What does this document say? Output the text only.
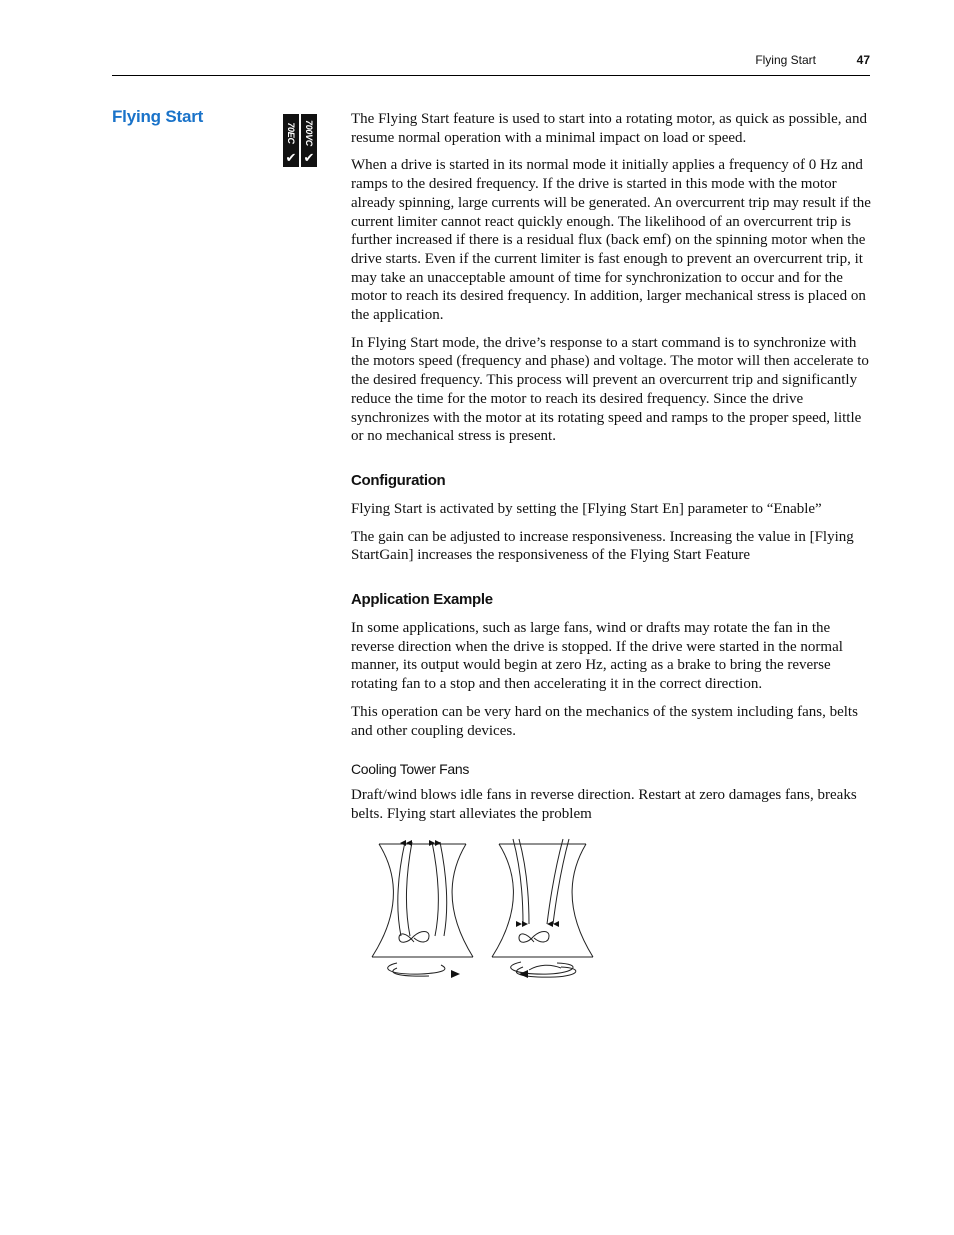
Flying Start	47
Flying Start
70EC
✔
700VC
✔

The Flying Start feature is used to start into a rotating motor, as quick as possible, and resume normal operation with a minimal impact on load or speed.

When a drive is started in its normal mode it initially applies a frequency of 0 Hz and ramps to the desired frequency. If the drive is started in this mode with the motor already spinning, large currents will be generated. An overcurrent trip may result if the current limiter cannot react quickly enough. The likelihood of an overcurrent trip is further increased if there is a residual flux (back emf) on the spinning motor when the drive starts. Even if the current limiter is fast enough to prevent an overcurrent trip, it may take an unacceptable amount of time for synchronization to occur and for the motor to reach its desired frequency. In addition, larger mechanical stress is placed on the application.

In Flying Start mode, the drive’s response to a start command is to synchronize with the motors speed (frequency and phase) and voltage. The motor will then accelerate to the desired frequency. This process will prevent an overcurrent trip and significantly reduce the time for the motor to reach its desired frequency. Since the drive synchronizes with the motor at its rotating speed and ramps to the proper speed, little or no mechanical stress is present.

Configuration

Flying Start is activated by setting the [Flying Start En] parameter to “Enable”

The gain can be adjusted to increase responsiveness. Increasing the value in [Flying StartGain] increases the responsiveness of the Flying Start Feature

Application Example

In some applications, such as large fans, wind or drafts may rotate the fan in the reverse direction when the drive is stopped. If the drive were started in the normal manner, its output would begin at zero Hz, acting as a brake to bring the reverse rotating fan to a stop and then accelerating it in the correct direction.

This operation can be very hard on the mechanics of the system including fans, belts and other coupling devices.

Cooling Tower Fans

Draft/wind blows idle fans in reverse direction. Restart at zero damages fans, breaks belts. Flying start alleviates the problem
